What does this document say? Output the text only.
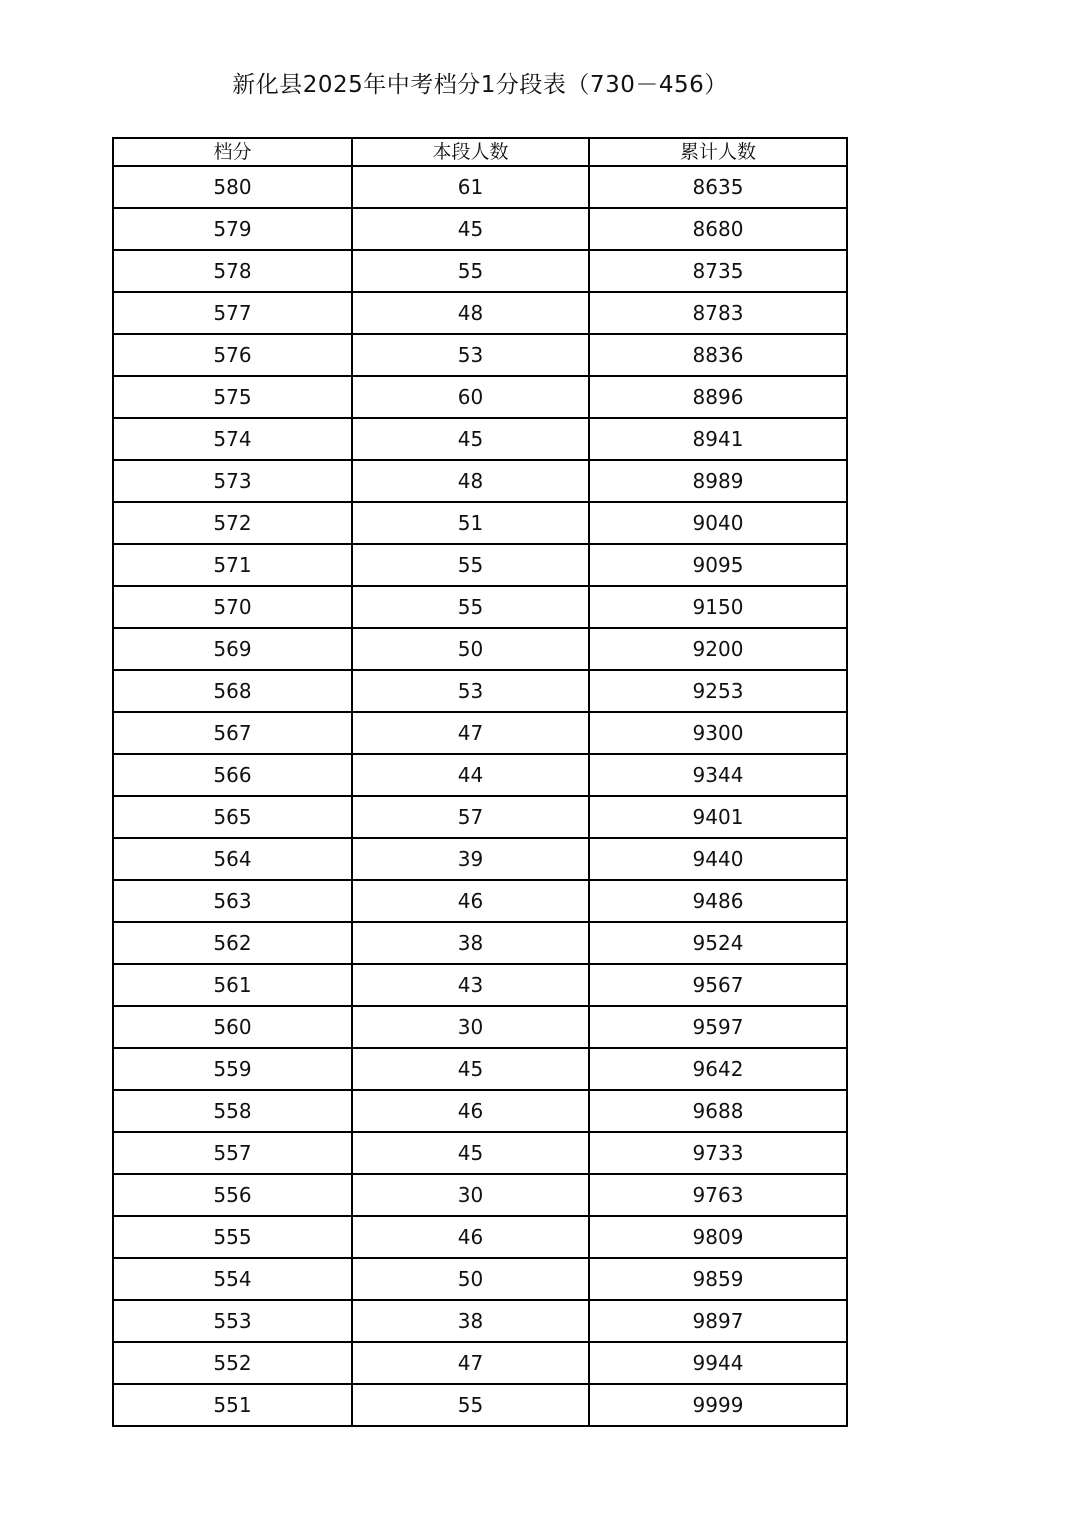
新化县2025年中考档分1分段表（730－456）
档分	本段人数	累计人数
580	61	8635
579	45	8680
578	55	8735
577	48	8783
576	53	8836
575	60	8896
574	45	8941
573	48	8989
572	51	9040
571	55	9095
570	55	9150
569	50	9200
568	53	9253
567	47	9300
566	44	9344
565	57	9401
564	39	9440
563	46	9486
562	38	9524
561	43	9567
560	30	9597
559	45	9642
558	46	9688
557	45	9733
556	30	9763
555	46	9809
554	50	9859
553	38	9897
552	47	9944
551	55	9999
